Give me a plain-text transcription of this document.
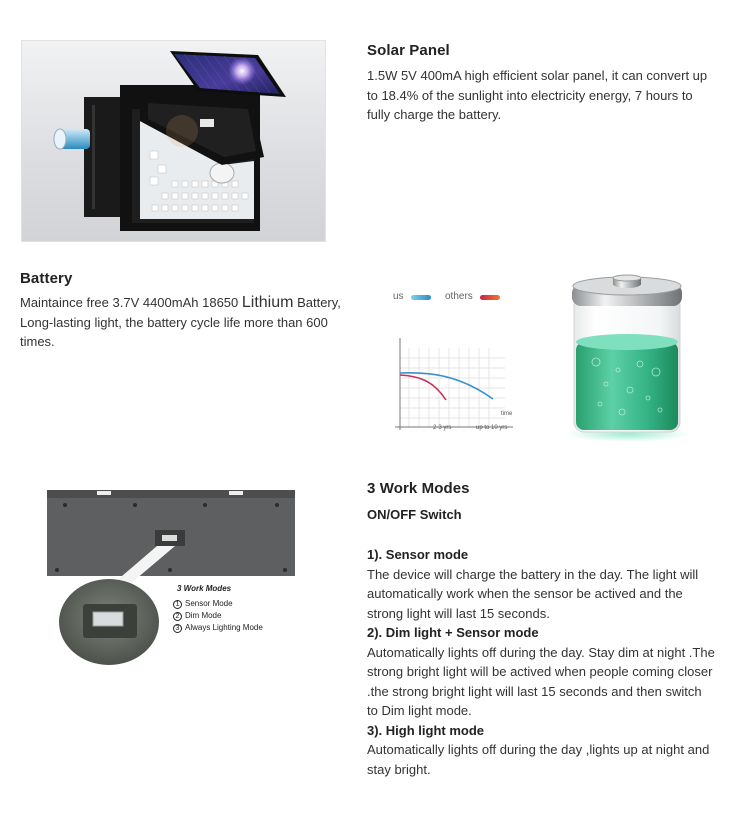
Solar Panel
1.5W 5V 400mA high efficient solar panel, it can convert up
to 18.4% of the sunlight into electricity energy, 7 hours to
fully charge the battery.
Battery
Maintaince free 3.7V 4400mAh 18650 Lithium Battery,
Long-lasting light, the battery cycle life more than 600 times.
us	others
time
2-3 yrs	up to 10 yrs
3 Work Modes
1 Sensor Mode
2 Dim Mode
3 Always Lighting Mode
3 Work Modes
ON/OFF Switch
1). Sensor mode
The device will charge the battery in the day. The light will
automatically work when the sensor be actived and the
strong light will last 15 seconds.
2). Dim light + Sensor mode
Automatically lights off during the day. Stay dim at night .The
strong bright light will be actived when people coming closer
.the strong bright light will last 15 seconds and then switch
to Dim light mode.
3). High light mode
Automatically lights off during the day ,lights up at night and
stay bright.
